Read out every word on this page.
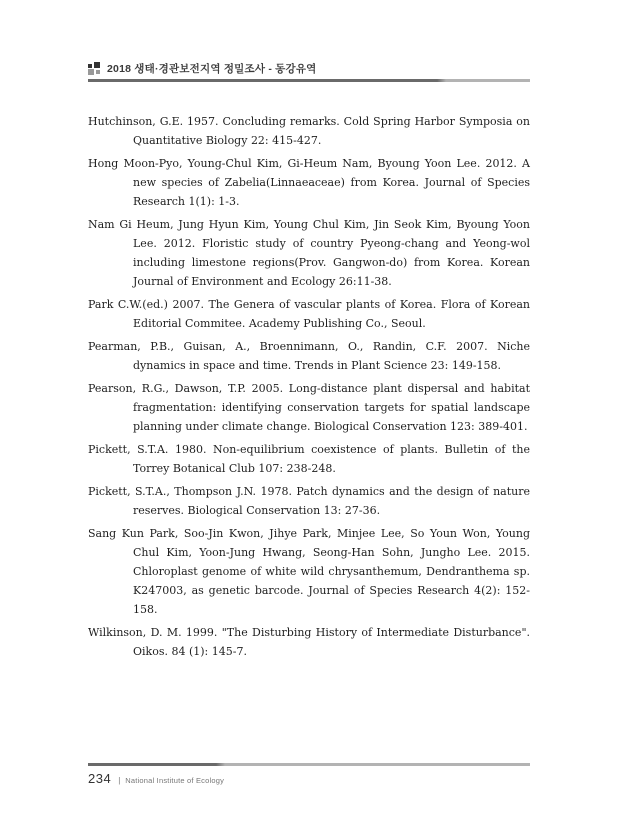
2018 생태·경관보전지역 정밀조사 - 동강유역

Hutchinson, G.E. 1957. Concluding remarks. Cold Spring Harbor Symposia on Quantitative Biology 22: 415-427.

Hong Moon-Pyo, Young-Chul Kim, Gi-Heum Nam, Byoung Yoon Lee. 2012. A new species of Zabelia(Linnaeaceae) from Korea. Journal of Species Research 1(1): 1-3.

Nam Gi Heum, Jung Hyun Kim, Young Chul Kim, Jin Seok Kim, Byoung Yoon Lee. 2012. Floristic study of country Pyeong-chang and Yeong-wol including limestone regions(Prov. Gangwon-do) from Korea. Korean Journal of Environment and Ecology 26:11-38.

Park C.W.(ed.) 2007. The Genera of vascular plants of Korea. Flora of Korean Editorial Commitee. Academy Publishing Co., Seoul.

Pearman, P.B., Guisan, A., Broennimann, O., Randin, C.F. 2007. Niche dynamics in space and time. Trends in Plant Science 23: 149-158.

Pearson, R.G., Dawson, T.P. 2005. Long-distance plant dispersal and habitat fragmentation: identifying conservation targets for spatial landscape planning under climate change. Biological Conservation 123: 389-401.

Pickett, S.T.A. 1980. Non-equilibrium coexistence of plants. Bulletin of the Torrey Botanical Club 107: 238-248.

Pickett, S.T.A., Thompson J.N. 1978. Patch dynamics and the design of nature reserves. Biological Conservation 13: 27-36.

Sang Kun Park, Soo-Jin Kwon, Jihye Park, Minjee Lee, So Youn Won, Young Chul Kim, Yoon-Jung Hwang, Seong-Han Sohn, Jungho Lee. 2015. Chloroplast genome of white wild chrysanthemum, Dendranthema sp. K247003, as genetic barcode. Journal of Species Research 4(2): 152-158.

Wilkinson, D. M. 1999. "The Disturbing History of Intermediate Disturbance". Oikos. 84 (1): 145-7.

234 | National Institute of Ecology
